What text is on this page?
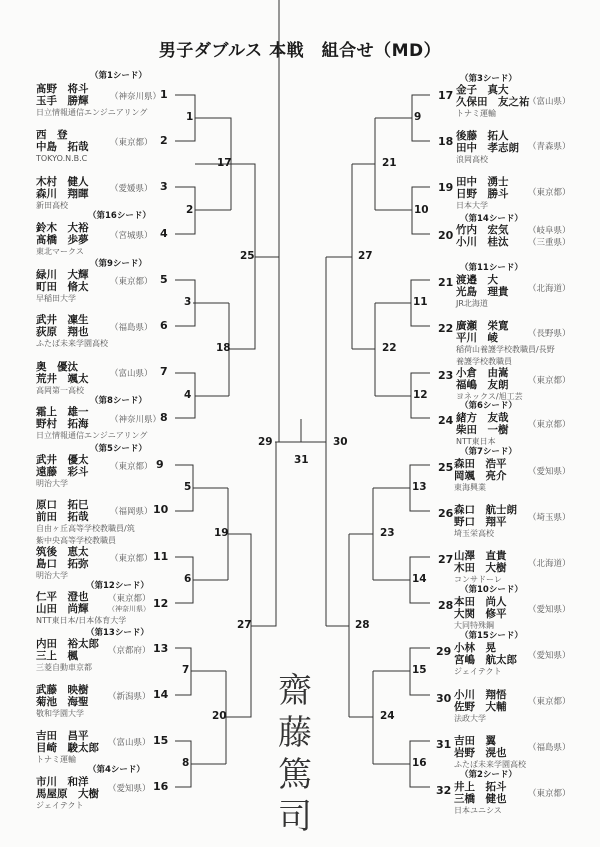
男子ダブルス 本戦　組合せ（MD）
（第1シード）
髙野　将斗
玉手　勝輝
日立情報通信エンジニアリング
（神奈川県）
1
西　登
中島　拓哉
TOKYO.N.B.C
（東京都） 2
木村　健人
森川　翔暉
新田高校
（愛媛県） 3
（第16シード）
鈴木　大裕
髙橋　歩夢
東北マークス
（宮城県） 4
（第9シード）
緑川　大輝
町田　脩太
早稲田大学
（東京都） 5
武井　凜生
荻原　翔也
ふたば未来学園高校
（福島県） 6
奥　優汰
荒井　颯太
高岡第一高校
（富山県） 7
（第8シード）
霜上　雄一
野村　拓海
日立情報通信エンジニアリング
（神奈川県）
8
（第5シード）
武井　優太
遠藤　彩斗
明治大学
（東京都） 9
原口　拓巳
前田　拓哉
自由ヶ丘高等学校教職員/筑紫中央高等学校教職員
（福岡県） 10
筑後　恵太
島口　拓弥
明治大学
（東京都） 11
（第12シード）
仁平　澄也
山田　尚輝
NTT東日本/日本体育大学
（東京都）
（神奈川県） 12
（第13シード）
内田　裕太郎
三上　楓
三菱自動車京都
（京都府） 13
武藤　映樹
菊池　海聖
敬和学園大学
（新潟県） 14
吉田　昌平
目崎　駿太郎
トナミ運輸
（富山県） 15
（第4シード）
市川　和洋
馬屋原　大樹
ジェイテクト
（愛知県） 16
1
2
3
4
5
6
7
8
17
18
19
20
25
27
29	30
31
27
28
21
22
23
24
9
10
11
12
13
14
15
16
（第3シード）
17 金子　真大
久保田　友之祐
トナミ運輸
（富山県）
18 後藤　拓人
田中　孝志朗
浪岡高校
（青森県）
19 田中　湧士
日野　勝斗
日本大学
（東京都）
（第14シード）
20 竹内　宏気
小川　桂汰
（岐阜県）
（三重県）
（第11シード）
21 渡邉　大
光島　理貴
JR北海道
（北海道）
22 廣瀬　栄寛
平川　崚
稲荷山養護学校教職員/長野養護学校教職員
（長野県）
23 小倉　由嵩
福嶋　友朗
ヨネックス/旭工芸
（東京都）
（第6シード）
24 緒方　友哉
柴田　一樹
NTT東日本
（東京都）
（第7シード）
25 森田　浩平
岡颯　亮介
東海興業
（愛知県）
26 森口　航士朗
野口　翔平
埼玉栄高校
（埼玉県）
27 山澤　直貴
木田　大樹
コンサドーレ
（北海道）
（第10シード）
28 本田　尚人
大関　修平
大同特殊鋼
（愛知県）
（第15シード）
29 小林　晃
宮嶋　航太郎
ジェイテクト
（愛知県）
30 小川　翔悟
佐野　大輔
法政大学
（東京都）
31 吉田　翼
岩野　滉也
ふたば未来学園高校
（福島県）
（第2シード）
32 井上　拓斗
三橋　健也
日本ユニシス
（東京都）
齋藤篤司
